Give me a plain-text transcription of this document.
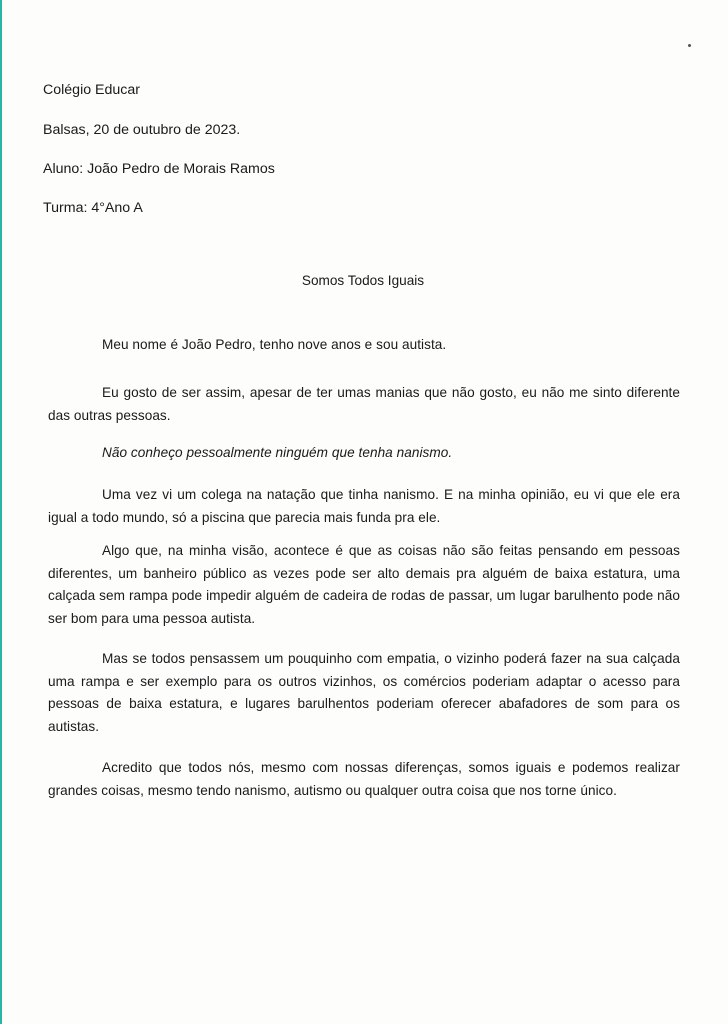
Colégio Educar
Balsas, 20 de outubro de 2023.
Aluno: João Pedro de Morais Ramos
Turma: 4°Ano A
Somos Todos Iguais

Meu nome é João Pedro, tenho nove anos e sou autista.

Eu gosto de ser assim, apesar de ter umas manias que não gosto, eu não me sinto diferente das outras pessoas.

Não conheço pessoalmente ninguém que tenha nanismo.

Uma vez vi um colega na natação que tinha nanismo. E na minha opinião, eu vi que ele era igual a todo mundo, só a piscina que parecia mais funda pra ele.

Algo que, na minha visão, acontece é que as coisas não são feitas pensando em pessoas diferentes, um banheiro público as vezes pode ser alto demais pra alguém de baixa estatura, uma calçada sem rampa pode impedir alguém de cadeira de rodas de passar, um lugar barulhento pode não ser bom para uma pessoa autista.

Mas se todos pensassem um pouquinho com empatia, o vizinho poderá fazer na sua calçada uma rampa e ser exemplo para os outros vizinhos, os comércios poderiam adaptar o acesso para pessoas de baixa estatura, e lugares barulhentos poderiam oferecer abafadores de som para os autistas.

Acredito que todos nós, mesmo com nossas diferenças, somos iguais e podemos realizar grandes coisas, mesmo tendo nanismo, autismo ou qualquer outra coisa que nos torne único.
